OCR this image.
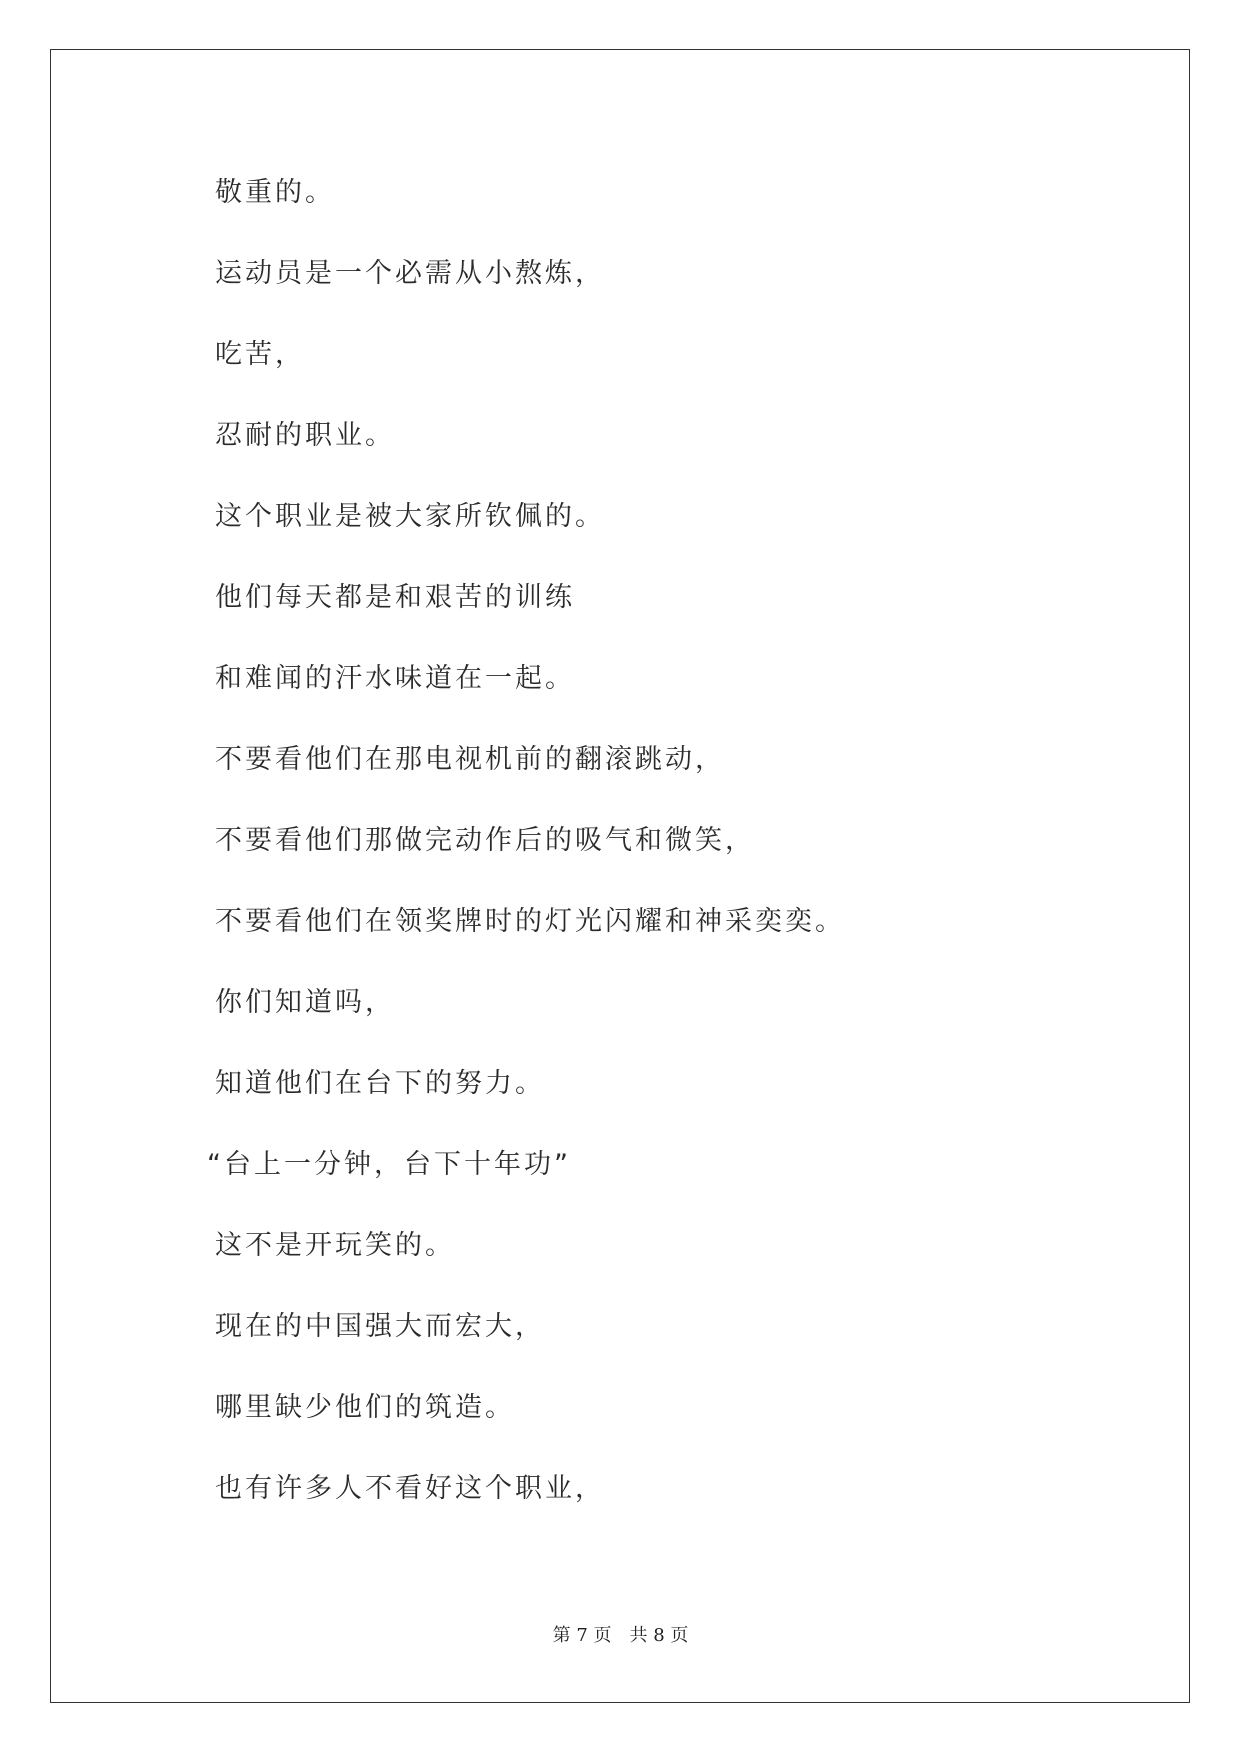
敬重的。
运动员是一个必需从小熬炼，
吃苦，
忍耐的职业。
这个职业是被大家所钦佩的。
他们每天都是和艰苦的训练
和难闻的汗水味道在一起。
不要看他们在那电视机前的翻滚跳动，
不要看他们那做完动作后的吸气和微笑，
不要看他们在领奖牌时的灯光闪耀和神采奕奕。
你们知道吗，
知道他们在台下的努力。
“台上一分钟，台下十年功”
这不是开玩笑的。
现在的中国强大而宏大，
哪里缺少他们的筑造。
也有许多人不看好这个职业，
第 7 页 共 8 页
